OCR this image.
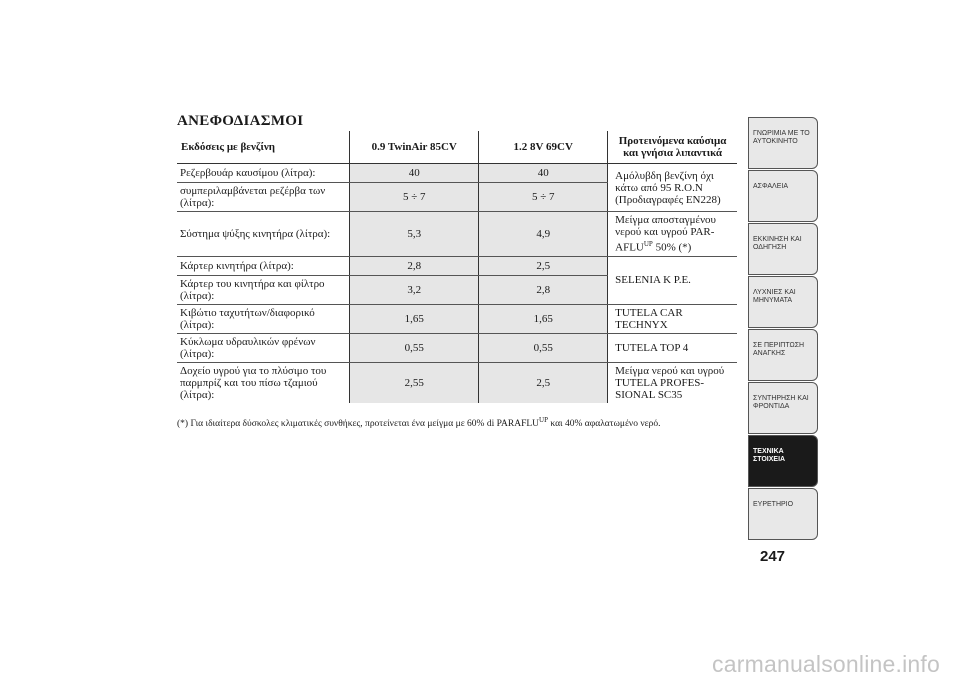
ΑΝΕΦΟΔΙΑΣΜΟΙ
Εκδόσεις με βενζίνη	0.9 TwinAir 85CV	1.2 8V 69CV	Προτεινόμενα καύσιμα και γνήσια λιπαντικά
Ρεζερβουάρ καυσίμου (λίτρα):	40	40	Αμόλυβδη βενζίνη όχι κάτω από 95 R.O.N (Προδιαγραφές EN228)
συμπεριλαμβάνεται ρεζέρβα των (λίτρα):	5 ÷ 7	5 ÷ 7	
Σύστημα ψύξης κινητήρα (λίτρα):	5,3	4,9	Μείγμα αποσταγμένου νερού και υγρού PAR-$AFLU^{UP}$ 50% (*)
Κάρτερ κινητήρα (λίτρα):	2,8	2,5	SELENIA K P.E.
Κάρτερ του κινητήρα και φίλτρο (λίτρα):	3,2	2,8	
Κιβώτιο ταχυτήτων/διαφορικό (λίτρα):	1,65	1,65	TUTELA CAR TECHNYX
Κύκλωμα υδραυλικών φρένων (λίτρα):	0,55	0,55	TUTELA TOP 4
Δοχείο υγρού για το πλύσιμο του παρμπρίζ και του πίσω τζαμιού (λίτρα):	2,55	2,5	Μείγμα νερού και υγρού TUTELA PROFES-SIONAL SC35
(*) Για ιδιαίτερα δύσκολες κλιματικές συνθήκες, προτείνεται ένα μείγμα με 60% di $PARAFLU^{UP}$ και 40% αφαλατωμένο νερό.
ΓΝΩΡΙΜΙΑ ΜΕ ΤΟ ΑΥΤΟΚΙΝΗΤΟ
ΑΣΦΑΛΕΙΑ
ΕΚΚΙΝΗΣΗ ΚΑΙ ΟΔΗΓΗΣΗ
ΛΥΧΝΙΕΣ ΚΑΙ ΜΗΝΥΜΑΤΑ
ΣΕ ΠΕΡΙΠΤΩΣΗ ΑΝΑΓΚΗΣ
ΣΥΝΤΗΡΗΣΗ ΚΑΙ ΦΡΟΝΤΙΔΑ
ΤΕΧΝΙΚΑ ΣΤΟΙΧΕΙΑ
ΕΥΡΕΤΗΡΙΟ
247
carmanualsonline.info
